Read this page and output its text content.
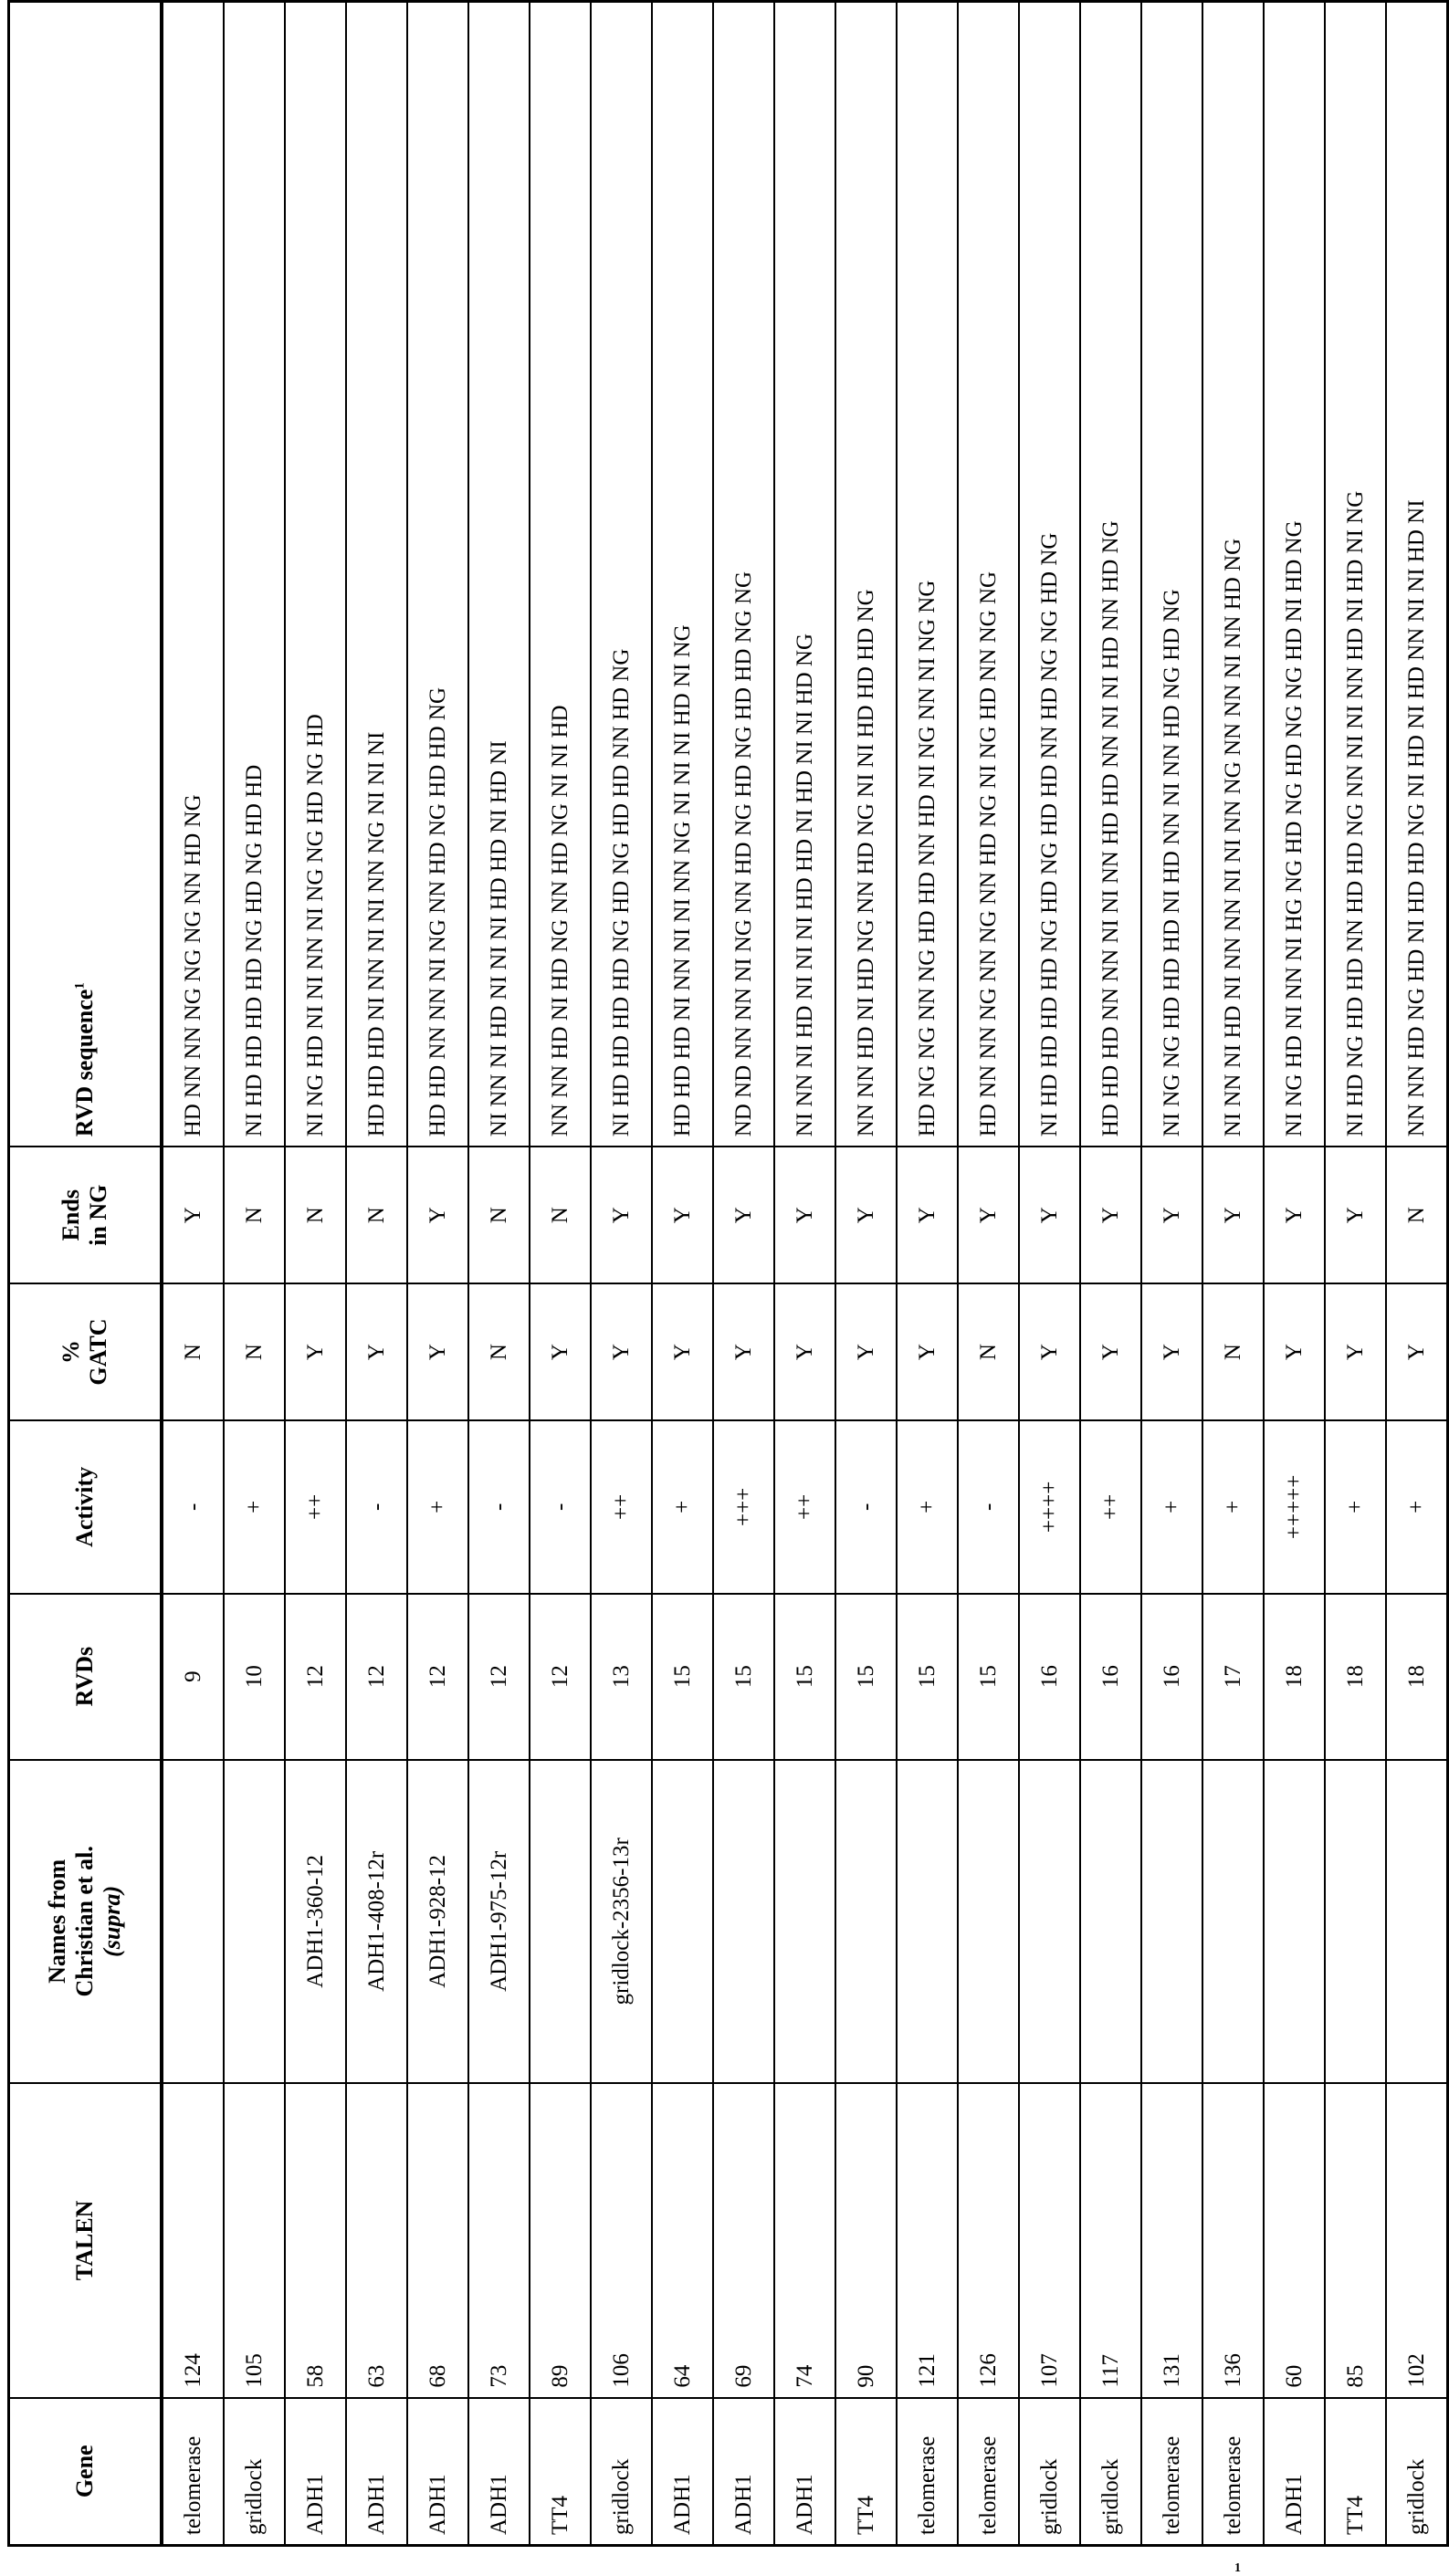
Gene	TALEN	Names from
Christian et al.
(supra)	RVDs	Activity	%
GATC	Ends
in NG	RVD sequence$^1$
telomerase	124		9	-	N	Y	HD NN NN NG NG NG NN HD NG
gridlock	105		10	+	N	N	NI HD HD HD HD NG HD NG HD HD
ADH1	58	ADH1-360-12	12	++	Y	N	NI NG HD NI NI NN NI NG NG HD NG HD
ADH1	63	ADH1-408-12r	12	-	Y	N	HD HD HD NI NN NI NI NN NG NI NI NI
ADH1	68	ADH1-928-12	12	+	Y	Y	HD HD NN NN NI NG NN HD NG HD HD NG
ADH1	73	ADH1-975-12r	12	-	N	N	NI NN NI HD NI NI NI HD HD NI HD NI
TT4	89		12	-	Y	N	NN NN HD NI HD NG NN HD NG NI NI HD
gridlock	106	gridlock-2356-13r	13	++	Y	Y	NI HD HD HD HD NG HD NG HD HD NN HD NG
ADH1	64		15	+	Y	Y	HD HD HD NI NN NI NI NN NG NI NI NI HD NI NG
ADH1	69		15	+++	Y	Y	ND ND NN NN NI NG NN HD NG HD NG HD HD NG NG
ADH1	74		15	++	Y	Y	NI NN NI HD NI NI NI HD HD NI HD NI NI HD NG
TT4	90		15	-	Y	Y	NN NN HD NI HD NG NN HD NG NI NI HD HD HD NG
telomerase	121		15	+	Y	Y	HD NG NG NN NG HD HD NN HD NI NG NN NI NG NG
telomerase	126		15	-	N	Y	HD NN NN NG NN NG NN HD NG NI NG HD NN NG NG
gridlock	107		16	++++	Y	Y	NI HD HD HD HD NG HD NG HD HD NN HD NG NG HD NG
gridlock	117		16	++	Y	Y	HD HD HD NN NN NI NI NN HD HD NN NI NI HD NN HD NG
telomerase	131		16	+	Y	Y	NI NG NG HD HD HD NI HD NN NI NN HD NG HD NG
telomerase	136		17	+	N	Y	NI NN NI HD NI NN NN NI NI NN NG NN NN NI NN HD NG
ADH1	60		18	+++++	Y	Y	NI NG HD NI NN NI HG NG HD NG HD NG NG HD NI HD NG
TT4	85		18	+	Y	Y	NI HD NG HD HD NN HD HD NG NN NI NI NN HD NI HD NI NG
gridlock	102		18	+	Y	N	NN NN HD NG HD NI HD HD NG NI HD NI HD NN NI NI HD NI
1
